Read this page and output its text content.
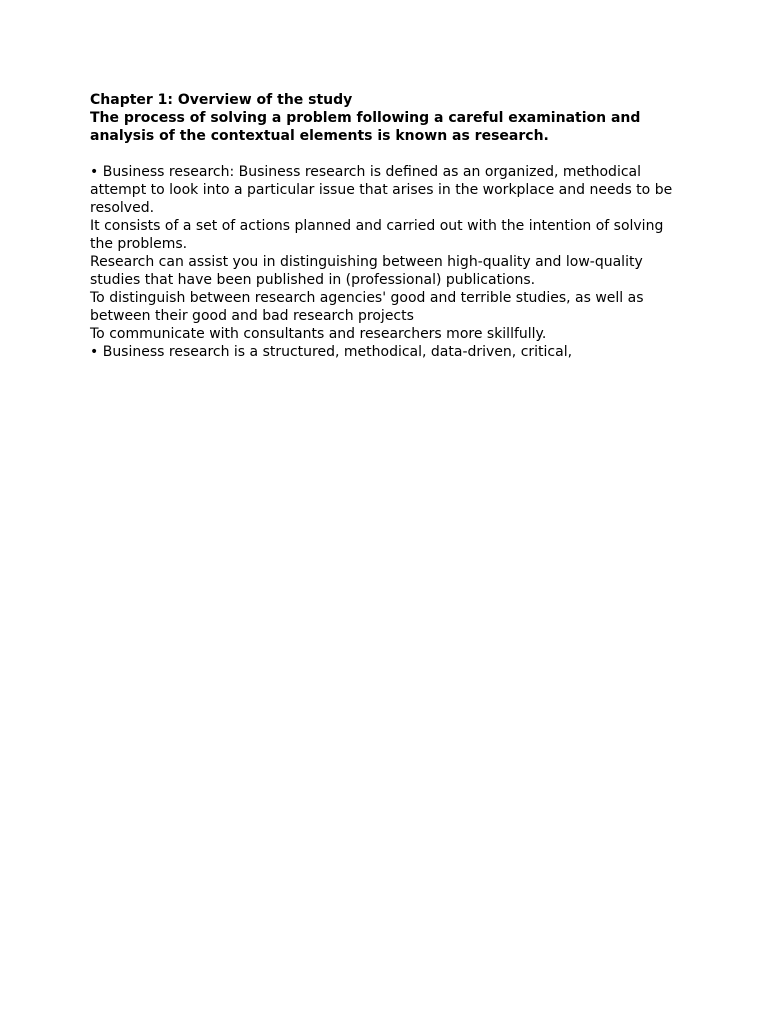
Chapter 1: Overview of the study

The process of solving a problem following a careful examination and analysis of the contextual elements is known as research.

• Business research: Business research is defined as an organized, methodical attempt to look into a particular issue that arises in the workplace and needs to be resolved.

It consists of a set of actions planned and carried out with the intention of solving the problems.

Research can assist you in distinguishing between high-quality and low-quality studies that have been published in (professional) publications.

To distinguish between research agencies' good and terrible studies, as well as between their good and bad research projects

To communicate with consultants and researchers more skillfully.

• Business research is a structured, methodical, data-driven, critical,
